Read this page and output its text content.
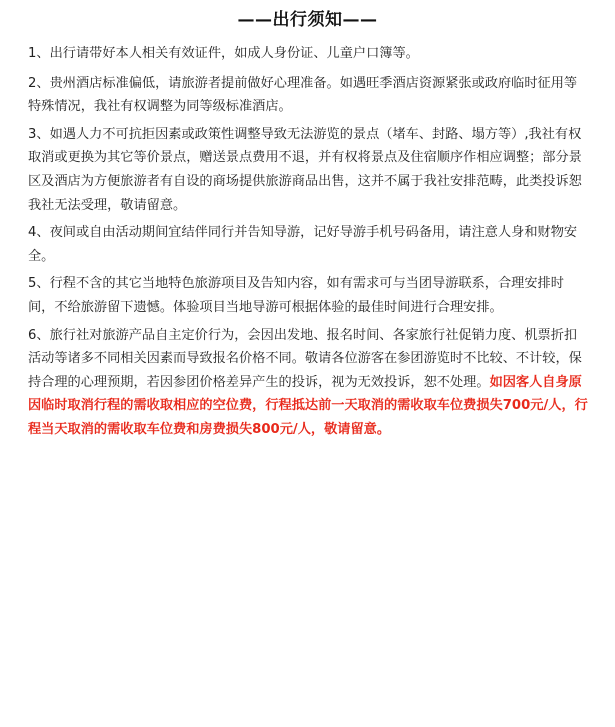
——出行须知——

1、出行请带好本人相关有效证件，如成人身份证、儿童户口簿等。

2、贵州酒店标准偏低，请旅游者提前做好心理准备。如遇旺季酒店资源紧张或政府临时征用等特殊情况，我社有权调整为同等级标准酒店。

3、如遇人力不可抗拒因素或政策性调整导致无法游览的景点（堵车、封路、塌方等）,我社有权取消或更换为其它等价景点，赠送景点费用不退，并有权将景点及住宿顺序作相应调整；部分景区及酒店为方便旅游者有自设的商场提供旅游商品出售，这并不属于我社安排范畴，此类投诉恕我社无法受理，敬请留意。

4、夜间或自由活动期间宜结伴同行并告知导游，记好导游手机号码备用，请注意人身和财物安全。

5、行程不含的其它当地特色旅游项目及告知内容，如有需求可与当团导游联系，合理安排时间，不给旅游留下遗憾。体验项目当地导游可根据体验的最佳时间进行合理安排。

6、旅行社对旅游产品自主定价行为，会因出发地、报名时间、各家旅行社促销力度、机票折扣活动等诸多不同相关因素而导致报名价格不同。敬请各位游客在参团游览时不比较、不计较，保持合理的心理预期，若因参团价格差异产生的投诉，视为无效投诉，恕不处理。如因客人自身原因临时取消行程的需收取相应的空位费，行程抵达前一天取消的需收取车位费损失700元/人，行程当天取消的需收取车位费和房费损失800元/人，敬请留意。
